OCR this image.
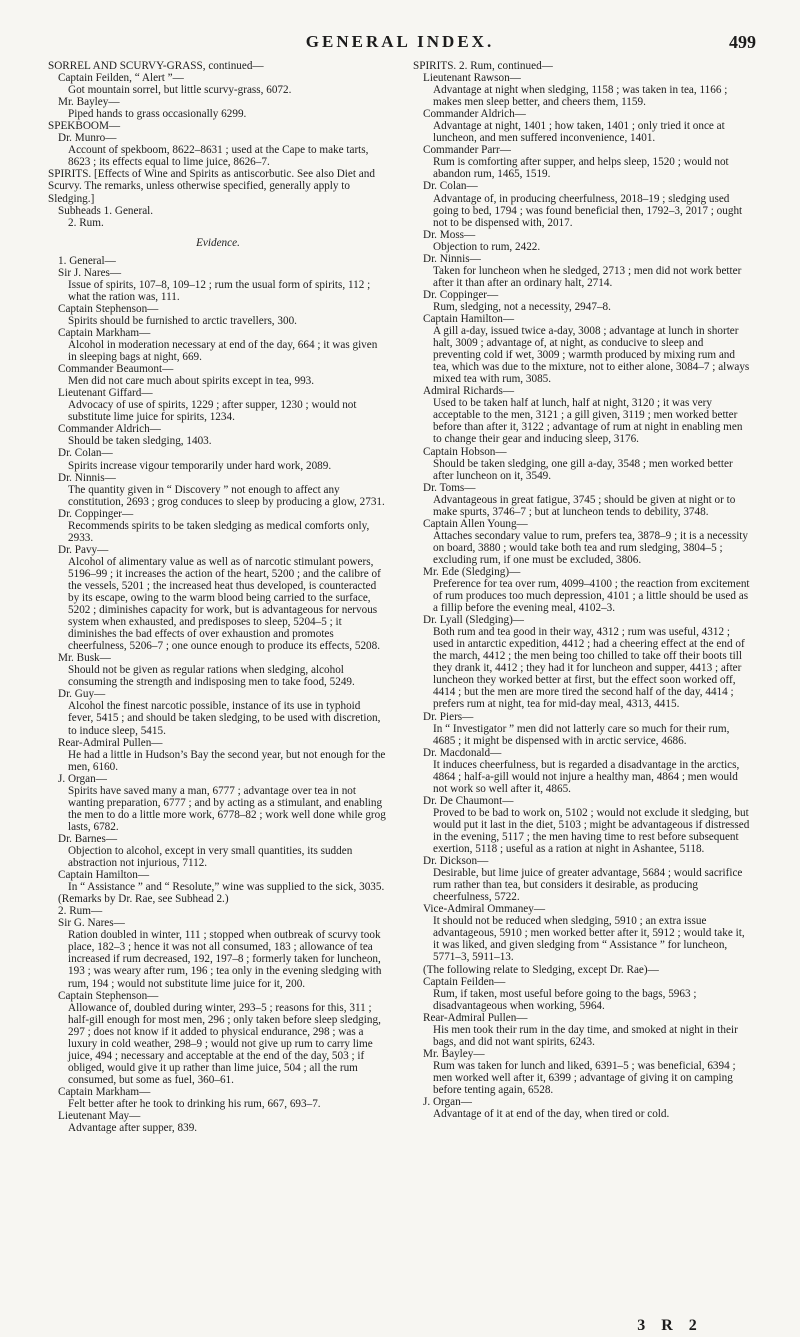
GENERAL INDEX.	499

SORREL AND SCURVY-GRASS, continued—

Captain Feilden, “ Alert ”—

Got mountain sorrel, but little scurvy-grass, 6072.

Mr. Bayley—

Piped hands to grass occasionally 6299.

SPEKBOOM—

Dr. Munro—

Account of spekboom, 8622–8631 ; used at the Cape to make tarts, 8623 ; its effects equal to lime juice, 8626–7.

SPIRITS. [Effects of Wine and Spirits as antiscorbutic. See also Diet and Scurvy. The remarks, unless otherwise specified, generally apply to Sledging.]

Subheads 1. General.

2. Rum.

Evidence.

1. General—

Sir J. Nares—

Issue of spirits, 107–8, 109–12 ; rum the usual form of spirits, 112 ; what the ration was, 111.

Captain Stephenson—

Spirits should be furnished to arctic travellers, 300.

Captain Markham—

Alcohol in moderation necessary at end of the day, 664 ; it was given in sleeping bags at night, 669.

Commander Beaumont—

Men did not care much about spirits except in tea, 993.

Lieutenant Giffard—

Advocacy of use of spirits, 1229 ; after supper, 1230 ; would not substitute lime juice for spirits, 1234.

Commander Aldrich—

Should be taken sledging, 1403.

Dr. Colan—

Spirits increase vigour temporarily under hard work, 2089.

Dr. Ninnis—

The quantity given in “ Discovery ” not enough to affect any constitution, 2693 ; grog conduces to sleep by producing a glow, 2731.

Dr. Coppinger—

Recommends spirits to be taken sledging as medical comforts only, 2933.

Dr. Pavy—

Alcohol of alimentary value as well as of narcotic stimulant powers, 5196–99 ; it increases the action of the heart, 5200 ; and the calibre of the vessels, 5201 ; the increased heat thus developed, is counteracted by its escape, owing to the warm blood being carried to the surface, 5202 ; diminishes capacity for work, but is advantageous for nervous system when exhausted, and predisposes to sleep, 5204–5 ; it diminishes the bad effects of over exhaustion and promotes cheerfulness, 5206–7 ; one ounce enough to produce its effects, 5208.

Mr. Busk—

Should not be given as regular rations when sledging, alcohol consuming the strength and indisposing men to take food, 5249.

Dr. Guy—

Alcohol the finest narcotic possible, instance of its use in typhoid fever, 5415 ; and should be taken sledging, to be used with discretion, to induce sleep, 5415.

Rear-Admiral Pullen—

He had a little in Hudson’s Bay the second year, but not enough for the men, 6160.

J. Organ—

Spirits have saved many a man, 6777 ; advantage over tea in not wanting preparation, 6777 ; and by acting as a stimulant, and enabling the men to do a little more work, 6778–82 ; work well done while grog lasts, 6782.

Dr. Barnes—

Objection to alcohol, except in very small quantities, its sudden abstraction not injurious, 7112.

Captain Hamilton—

In “ Assistance ” and “ Resolute,” wine was supplied to the sick, 3035.

(Remarks by Dr. Rae, see Subhead 2.)

2. Rum—

Sir G. Nares—

Ration doubled in winter, 111 ; stopped when outbreak of scurvy took place, 182–3 ; hence it was not all consumed, 183 ; allowance of tea increased if rum decreased, 192, 197–8 ; formerly taken for luncheon, 193 ; was weary after rum, 196 ; tea only in the evening sledging with rum, 194 ; would not substitute lime juice for it, 200.

Captain Stephenson—

Allowance of, doubled during winter, 293–5 ; reasons for this, 311 ; half-gill enough for most men, 296 ; only taken before sleep sledging, 297 ; does not know if it added to physical endurance, 298 ; was a luxury in cold weather, 298–9 ; would not give up rum to carry lime juice, 494 ; necessary and acceptable at the end of the day, 503 ; if obliged, would give it up rather than lime juice, 504 ; all the rum consumed, but some as fuel, 360–61.

Captain Markham—

Felt better after he took to drinking his rum, 667, 693–7.

Lieutenant May—

Advantage after supper, 839.

SPIRITS. 2. Rum, continued—

Lieutenant Rawson—

Advantage at night when sledging, 1158 ; was taken in tea, 1166 ; makes men sleep better, and cheers them, 1159.

Commander Aldrich—

Advantage at night, 1401 ; how taken, 1401 ; only tried it once at luncheon, and men suffered inconvenience, 1401.

Commander Parr—

Rum is comforting after supper, and helps sleep, 1520 ; would not abandon rum, 1465, 1519.

Dr. Colan—

Advantage of, in producing cheerfulness, 2018–19 ; sledging used going to bed, 1794 ; was found beneficial then, 1792–3, 2017 ; ought not to be dispensed with, 2017.

Dr. Moss—

Objection to rum, 2422.

Dr. Ninnis—

Taken for luncheon when he sledged, 2713 ; men did not work better after it than after an ordinary halt, 2714.

Dr. Coppinger—

Rum, sledging, not a necessity, 2947–8.

Captain Hamilton—

A gill a-day, issued twice a-day, 3008 ; advantage at lunch in shorter halt, 3009 ; advantage of, at night, as conducive to sleep and preventing cold if wet, 3009 ; warmth produced by mixing rum and tea, which was due to the mixture, not to either alone, 3084–7 ; always mixed tea with rum, 3085.

Admiral Richards—

Used to be taken half at lunch, half at night, 3120 ; it was very acceptable to the men, 3121 ; a gill given, 3119 ; men worked better before than after it, 3122 ; advantage of rum at night in enabling men to change their gear and inducing sleep, 3176.

Captain Hobson—

Should be taken sledging, one gill a-day, 3548 ; men worked better after luncheon on it, 3549.

Dr. Toms—

Advantageous in great fatigue, 3745 ; should be given at night or to make spurts, 3746–7 ; but at luncheon tends to debility, 3748.

Captain Allen Young—

Attaches secondary value to rum, prefers tea, 3878–9 ; it is a necessity on board, 3880 ; would take both tea and rum sledging, 3804–5 ; excluding rum, if one must be excluded, 3806.

Mr. Ede (Sledging)—

Preference for tea over rum, 4099–4100 ; the reaction from excitement of rum produces too much depression, 4101 ; a little should be used as a fillip before the evening meal, 4102–3.

Dr. Lyall (Sledging)—

Both rum and tea good in their way, 4312 ; rum was useful, 4312 ; used in antarctic expedition, 4412 ; had a cheering effect at the end of the march, 4412 ; the men being too chilled to take off their boots till they drank it, 4412 ; they had it for luncheon and supper, 4413 ; after luncheon they worked better at first, but the effect soon worked off, 4414 ; but the men are more tired the second half of the day, 4414 ; prefers rum at night, tea for mid-day meal, 4313, 4415.

Dr. Piers—

In “ Investigator ” men did not latterly care so much for their rum, 4685 ; it might be dispensed with in arctic service, 4686.

Dr. Macdonald—

It induces cheerfulness, but is regarded a disadvantage in the arctics, 4864 ; half-a-gill would not injure a healthy man, 4864 ; men would not work so well after it, 4865.

Dr. De Chaumont—

Proved to be bad to work on, 5102 ; would not exclude it sledging, but would put it last in the diet, 5103 ; might be advantageous if distressed in the evening, 5117 ; the men having time to rest before subsequent exertion, 5118 ; useful as a ration at night in Ashantee, 5118.

Dr. Dickson—

Desirable, but lime juice of greater advantage, 5684 ; would sacrifice rum rather than tea, but considers it desirable, as producing cheerfulness, 5722.

Vice-Admiral Ommaney—

It should not be reduced when sledging, 5910 ; an extra issue advantageous, 5910 ; men worked better after it, 5912 ; would take it, it was liked, and given sledging from “ Assistance ” for luncheon, 5771–3, 5911–13.

(The following relate to Sledging, except Dr. Rae)—

Captain Feilden—

Rum, if taken, most useful before going to the bags, 5963 ; disadvantageous when working, 5964.

Rear-Admiral Pullen—

His men took their rum in the day time, and smoked at night in their bags, and did not want spirits, 6243.

Mr. Bayley—

Rum was taken for lunch and liked, 6391–5 ; was beneficial, 6394 ; men worked well after it, 6399 ; advantage of giving it on camping before tenting again, 6528.

J. Organ—

Advantage of it at end of the day, when tired or cold.

3 R 2
